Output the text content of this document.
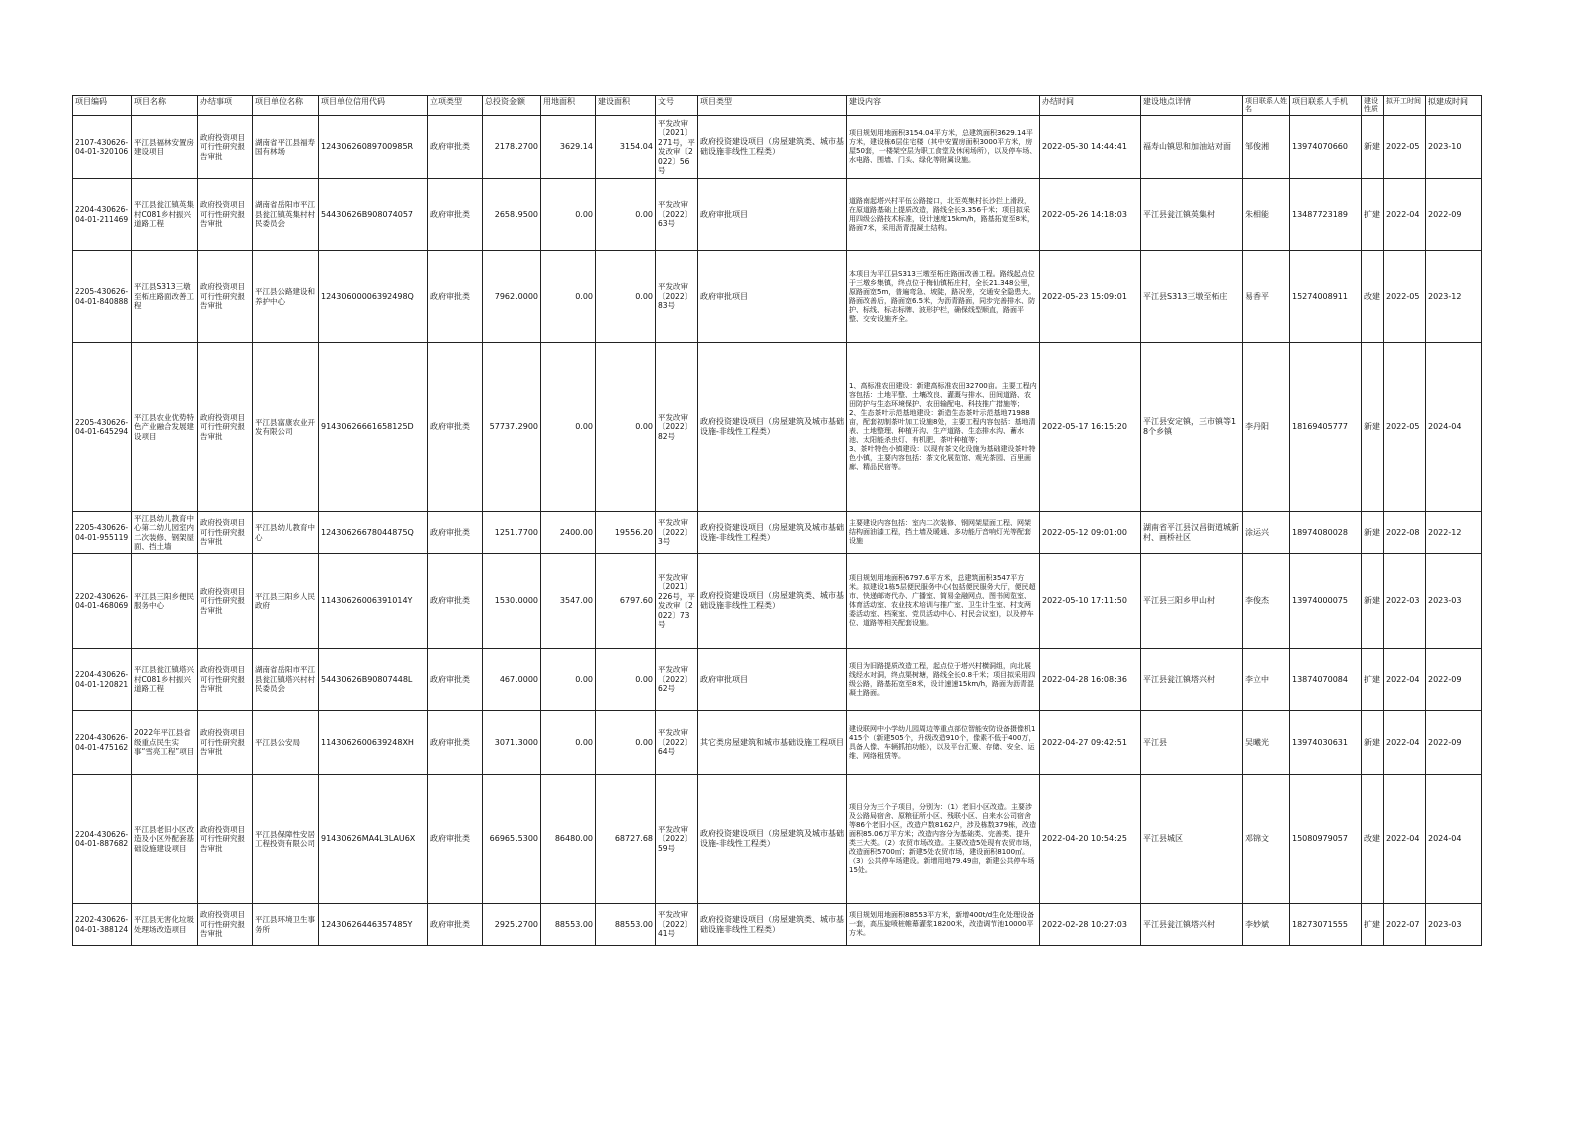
项目编码	项目名称	办结事项	项目单位名称	项目单位信用代码	立项类型	总投资金额	用地面积	建设面积	文号	项目类型	建设内容	办结时间	建设地点详情	项目联系人姓名	项目联系人手机	建设性质	拟开工时间	拟建成时间
2107-430626-04-01-320106	平江县福林安置房建设项目	政府投资项目可行性研究报告审批	湖南省平江县福寿国有林场	12430626089700985R	政府审批类	2178.2700	3629.14	3154.04	平发改审〔2021〕271号，平发改审〔2022〕56号	政府投资建设项目（房屋建筑类、城市基础设施非线性工程类）	项目规划用地面积3154.04平方米，总建筑面积3629.14平方米，建设栋6层住宅楼（其中安置房面积3000平方米，房屋50套，一楼架空层为职工食堂及休闲场所），以及停车场、水电路、围墙、门头、绿化等附属设施。	2022-05-30 14:44:41	福寿山镇思和加油站对面	邹俊湘	13974070660	新建	2022-05	2023-10
2204-430626-04-01-211469	平江县瓮江镇英集村C081乡村振兴道路工程	政府投资项目可行性研究报告审批	湖南省岳阳市平江县瓮江镇英集村村民委员会	54430626B908074057	政府审批类	2658.9500	0.00	0.00	平发改审〔2022〕63号	政府审批项目	道路南起塔兴村平伍公路接口，北至英集村长沙拦上滑段，在原道路基础上提质改造，路线全长3.356千米；项目拟采用四级公路技术标准，设计速度15km/h，路基拓宽至8米，路面7米，采用沥青混凝土结构。	2022-05-26 14:18:03	平江县瓮江镇英集村	朱相能	13487723189	扩建	2022-04	2022-09
2205-430626-04-01-840888	平江县S313三墩至柘庄路面改善工程	政府投资项目可行性研究报告审批	平江县公路建设和养护中心	12430600006392498Q	政府审批类	7962.0000	0.00	0.00	平发改审〔2022〕83号	政府审批项目	本项目为平江县S313三墩至柘庄路面改善工程。路线起点位于三墩乡集镇，终点位于梅仙镇柘庄村，全长21.348公里，原路面宽5m，普遍弯急、坡陡，路况差，交通安全隐患大。路面改善后，路面宽6.5米，为沥青路面，同步完善排水、防护、标线、标志标牌、波形护栏，确保线型顺直，路面平整、交安设施齐全。	2022-05-23 15:09:01	平江县S313三墩至柘庄	易香平	15274008911	改建	2022-05	2023-12
2205-430626-04-01-645294	平江县农业优势特色产业融合发展建设项目	政府投资项目可行性研究报告审批	平江县富康农业开发有限公司	91430626661658125D	政府审批类	57737.2900	0.00	0.00	平发改审〔2022〕82号	政府投资建设项目（房屋建筑及城市基础设施-非线性工程类）	1、高标准农田建设：新建高标准农田32700亩。主要工程内容包括：土地平整、土壤改良、灌溉与排水、田间道路、农田防护与生态环境保护、农田输配电、科技推广措施等；
2、生态茶叶示范基地建设：新造生态茶叶示范基地71988亩，配套初制茶叶加工设施8处，主要工程内容包括：基地清表、土地整理、种植开沟、生产道路、生态排水沟、蓄水池、太阳能杀虫灯、有机肥、茶叶种植等；
3、茶叶特色小镇建设：以现有茶文化设施为基础建设茶叶特色小镇，主要内容包括：茶文化展览馆、观光茶园、百里画廊、精品民宿等。	2022-05-17 16:15:20	平江县安定镇，三市镇等18个乡镇	李丹阳	18169405777	新建	2022-05	2024-04
2205-430626-04-01-955119	平江县幼儿教育中心第二幼儿园室内二次装修、钢架屋面、挡土墙	政府投资项目可行性研究报告审批	平江县幼儿教育中心	12430626678044875Q	政府审批类	1251.7700	2400.00	19556.20	平发改审〔2022〕3号	政府投资建设项目（房屋建筑及城市基础设施-非线性工程类）	主要建设内容包括：室内二次装修、钢网架屋面工程、网架结构面油漆工程，挡土墙及暖通、多功能厅音响灯光等配套设施	2022-05-12 09:01:00	湖南省平江县汉昌街道城新村、画桥社区	涂运兴	18974080028	新建	2022-08	2022-12
2202-430626-04-01-468069	平江县三阳乡便民服务中心	政府投资项目可行性研究报告审批	平江县三阳乡人民政府	11430626006391014Y	政府审批类	1530.0000	3547.00	6797.60	平发改审〔2021〕226号，平发改审〔2022〕73号	政府投资建设项目（房屋建筑类、城市基础设施非线性工程类）	项目规划用地面积6797.6平方米，总建筑面积3547平方米。拟建设1栋5层便民服务中心(包括便民服务大厅，便民超市、快递邮寄代办、广播室、简易金融网点、图书阅览室、体育活动室、农业技术培训与推广室、卫生计生室、村支两委活动室、档案室、党员活动中心、村民会议室)，以及停车位、道路等相关配套设施。	2022-05-10 17:11:50	平江县三阳乡甲山村	李俊杰	13974000075	新建	2022-03	2023-03
2204-430626-04-01-120821	平江县瓮江镇塔兴村C081乡村振兴道路工程	政府投资项目可行性研究报告审批	湖南省岳阳市平江县瓮江镇塔兴村村民委员会	54430626B90807448L	政府审批类	467.0000	0.00	0.00	平发改审〔2022〕62号	政府审批项目	项目为旧路提质改造工程，起点位于塔兴村横洞组，向北展线经水对洞，终点渠树塘，路线全长0.8千米；项目拟采用四级公路，路基拓宽至8米，设计速速15km/h，路面为沥青混凝土路面。	2022-04-28 16:08:36	平江县瓮江镇塔兴村	李立中	13874070084	扩建	2022-04	2022-09
2204-430626-04-01-475162	2022年平江县省级重点民生实事“雪亮工程”项目	政府投资项目可行性研究报告审批	平江县公安局	1143062600639248XH	政府审批类	3071.3000	0.00	0.00	平发改审〔2022〕64号	其它类房屋建筑和城市基础设施工程项目	建设联网中小学幼儿园周边等重点部位智能安防设备摄像机1415个（新建505个，升级改造910个，像素不低于400万，具备人像、车辆抓拍功能），以及平台汇聚、存储、安全、运维、网络租赁等。	2022-04-27 09:42:51	平江县	吴曦光	13974030631	新建	2022-04	2022-09
2204-430626-04-01-887682	平江县老旧小区改造及小区外配套基础设施建设项目	政府投资项目可行性研究报告审批	平江县保障性安居工程投资有限公司	91430626MA4L3LAU6X	政府审批类	66965.5300	86480.00	68727.68	平发改审〔2022〕59号	政府投资建设项目（房屋建筑及城市基础设施-非线性工程类）	项目分为三个子项目，分别为：（1）老旧小区改造。主要涉及公路局宿舍、原粮征所小区、残联小区、自来水公司宿舍等86个老旧小区，改造户数8162户，涉及栋数379栋，改造面积85.06万平方米；改造内容分为基础类、完善类、提升类三大类。（2）农贸市场改造。主要改造5处现有农贸市场，改造面积5700㎡；新建5处农贸市场，建设面积8100㎡。（3）公共停车场建设。新增用地79.49亩，新建公共停车场15处。	2022-04-20 10:54:25	平江县城区	邓锦文	15080979057	改建	2022-04	2024-04
2202-430626-04-01-388124	平江县无害化垃圾处理场改造项目	政府投资项目可行性研究报告审批	平江县环境卫生事务所	12430626446357485Y	政府审批类	2925.2700	88553.00	88553.00	平发改审〔2022〕41号	政府投资建设项目（房屋建筑类、城市基础设施非线性工程类）	项目规划用地面积88553平方米，新增400t/d生化处理设备一套，高压旋喷桩帷幕灌浆18200米，改造调节池10000平方米。	2022-02-28 10:27:03	平江县瓮江镇塔兴村	李妙斌	18273071555	扩建	2022-07	2023-03
